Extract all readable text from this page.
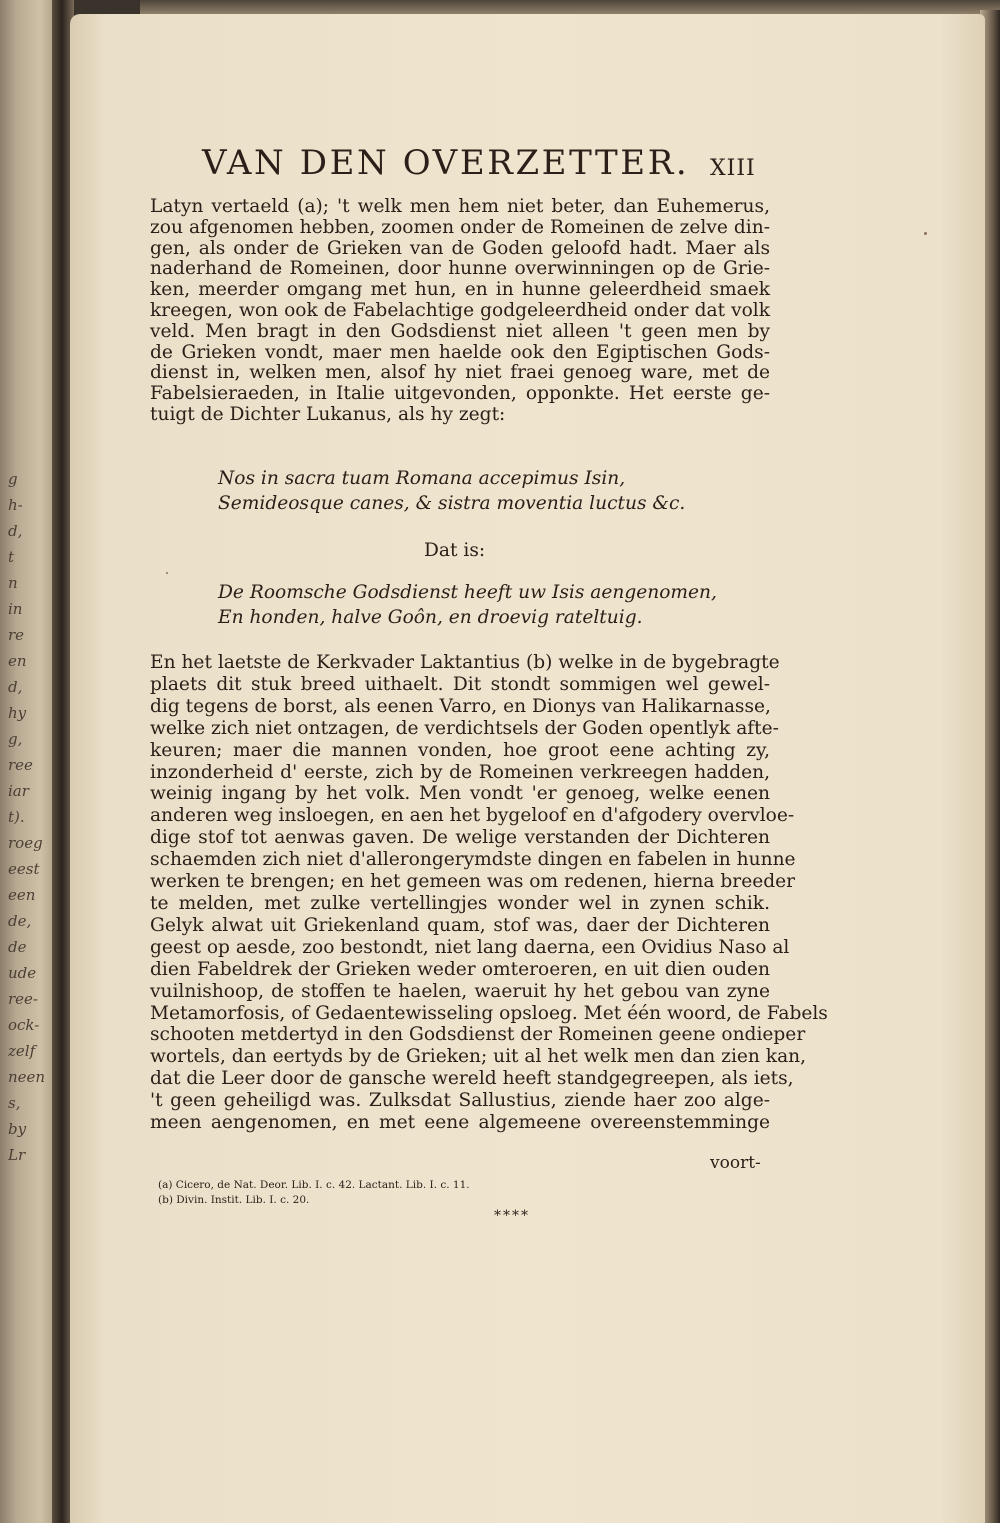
g
h-
d,
t
n
in
re
en
d,
hy
g,
ree
iar
t).
roeg
eest
een
de,
de
ude
ree-
ock-
zelf
neen
s,
by
Lr
VAN DEN OVERZETTER. XIII
Latyn vertaeld (a); 't welk men hem niet beter, dan Euhemerus,
zou afgenomen hebben, zoomen onder de Romeinen de zelve din-
gen, als onder de Grieken van de Goden geloofd hadt. Maer als
naderhand de Romeinen, door hunne overwinningen op de Grie-
ken, meerder omgang met hun, en in hunne geleerdheid smaek
kreegen, won ook de Fabelachtige godgeleerdheid onder dat volk
veld. Men bragt in den Godsdienst niet alleen 't geen men by
de Grieken vondt, maer men haelde ook den Egiptischen Gods-
dienst in, welken men, alsof hy niet fraei genoeg ware, met de
Fabelsieraeden, in Italie uitgevonden, opponkte. Het eerste ge-
tuigt de Dichter Lukanus, als hy zegt:
Nos in sacra tuam Romana accepimus Isin,
Semideosque canes, & sistra moventia luctus &c.
Dat is:
De Roomsche Godsdienst heeft uw Isis aengenomen,
En honden, halve Goôn, en droevig rateltuig.
En het laetste de Kerkvader Laktantius (b) welke in de bygebragte
plaets dit stuk breed uithaelt. Dit stondt sommigen wel gewel-
dig tegens de borst, als eenen Varro, en Dionys van Halikarnasse,
welke zich niet ontzagen, de verdichtsels der Goden opentlyk afte-
keuren; maer die mannen vonden, hoe groot eene achting zy,
inzonderheid d' eerste, zich by de Romeinen verkreegen hadden,
weinig ingang by het volk. Men vondt 'er genoeg, welke eenen
anderen weg insloegen, en aen het bygeloof en d'afgodery overvloe-
dige stof tot aenwas gaven. De welige verstanden der Dichteren
schaemden zich niet d'allerongerymdste dingen en fabelen in hunne
werken te brengen; en het gemeen was om redenen, hierna breeder
te melden, met zulke vertellingjes wonder wel in zynen schik.
Gelyk alwat uit Griekenland quam, stof was, daer der Dichteren
geest op aesde, zoo bestondt, niet lang daerna, een Ovidius Naso al
dien Fabeldrek der Grieken weder omteroeren, en uit dien ouden
vuilnishoop, de stoffen te haelen, waeruit hy het gebou van zyne
Metamorfosis, of Gedaentewisseling opsloeg. Met één woord, de Fabels
schooten metdertyd in den Godsdienst der Romeinen geene ondieper
wortels, dan eertyds by de Grieken; uit al het welk men dan zien kan,
dat die Leer door de gansche wereld heeft standgegreepen, als iets,
't geen geheiligd was. Zulksdat Sallustius, ziende haer zoo alge-
meen aengenomen, en met eene algemeene overeenstemminge
voort-
(a) Cicero, de Nat. Deor. Lib. I. c. 42. Lactant. Lib. I. c. 11.
(b) Divin. Instit. Lib. I. c. 20.
****
